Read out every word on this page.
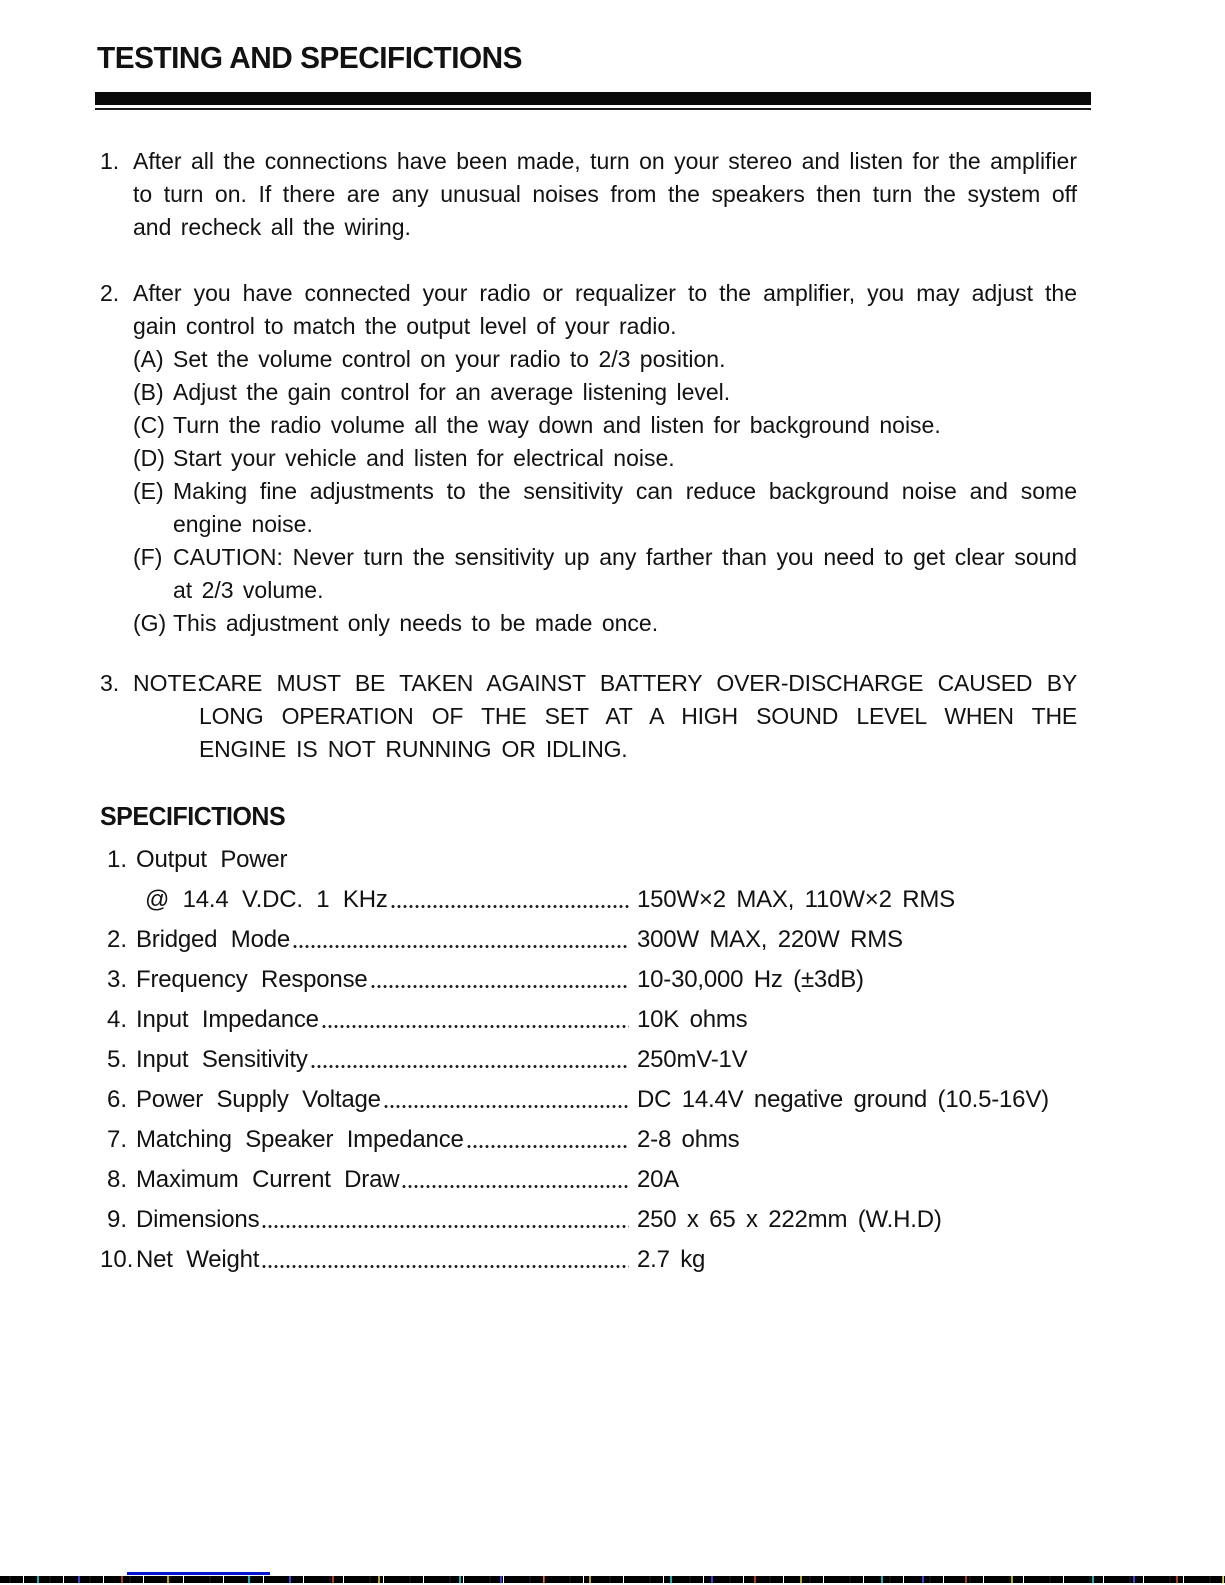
TESTING AND SPECIFICTIONS
1. After all the connections have been made, turn on your stereo and listen for the amplifier to turn on. If there are any unusual noises from the speakers then turn the system off and recheck all the wiring.
2. After you have connected your radio or requalizer to the amplifier, you may adjust the gain control to match the output level of your radio.
(A) Set the volume control on your radio to 2/3 position.
(B) Adjust the gain control for an average listening level.
(C) Turn the radio volume all the way down and listen for background noise.
(D) Start your vehicle and listen for electrical noise.
(E) Making fine adjustments to the sensitivity can reduce background noise and some engine noise.
(F) CAUTION: Never turn the sensitivity up any farther than you need to get clear sound at 2/3 volume.
(G) This adjustment only needs to be made once.
3. NOTE:
CARE MUST BE TAKEN AGAINST BATTERY OVER-DISCHARGE CAUSED BY LONG OPERATION OF THE SET AT A HIGH SOUND LEVEL WHEN THE ENGINE IS NOT RUNNING OR IDLING.
SPECIFICTIONS
1. Output Power
@ 14.4 V.DC. 1 KHz	150W×2 MAX, 110W×2 RMS
2. Bridged Mode	300W MAX, 220W RMS
3. Frequency Response	10-30,000 Hz (±3dB)
4. Input Impedance	10K ohms
5. Input Sensitivity	250mV-1V
6. Power Supply Voltage	DC 14.4V negative ground (10.5-16V)
7. Matching Speaker Impedance	2-8 ohms
8. Maximum Current Draw	20A
9. Dimensions	250 x 65 x 222mm (W.H.D)
10. Net Weight	2.7 kg
